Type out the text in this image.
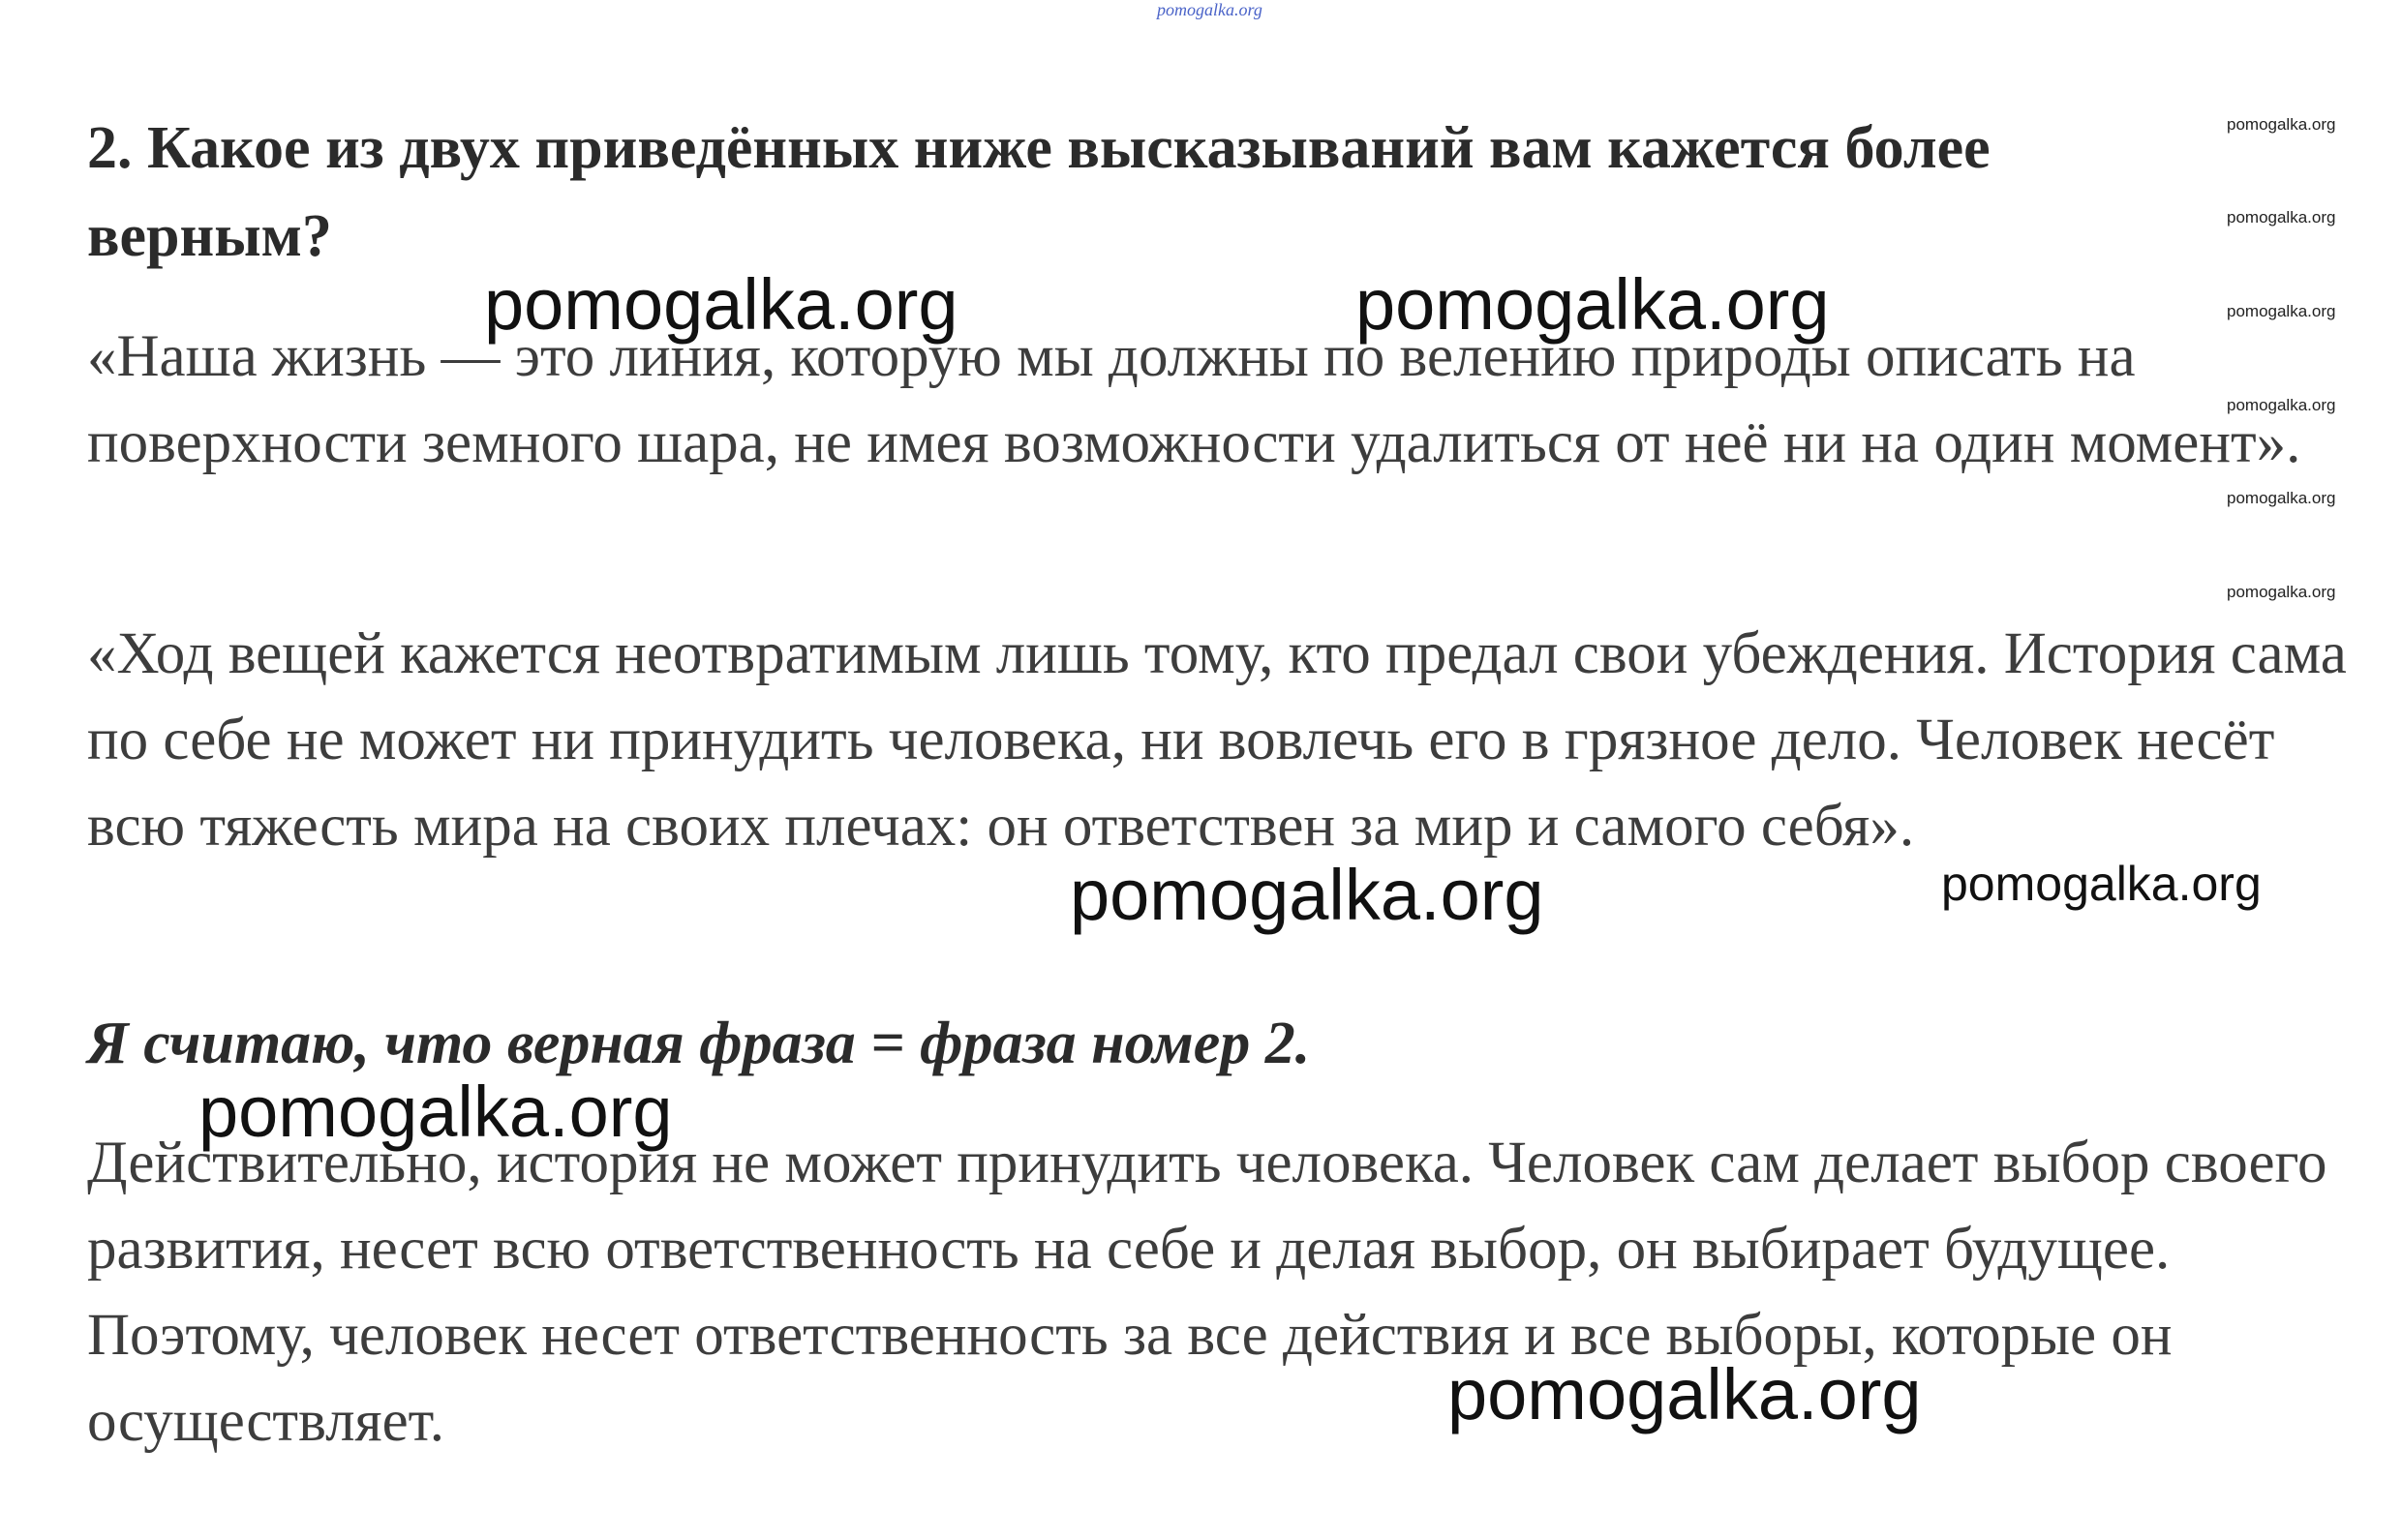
pomogalka.org
2. Какое из двух приведённых ниже высказываний вам кажется более верным?
«Наша жизнь — это линия, которую мы должны по велению природы описать на поверхности земного шара, не имея возможности удалиться от неё ни на один момент».
«Ход вещей кажется неотвратимым лишь тому, кто предал свои убеждения. История сама по себе не может ни принудить человека, ни вовлечь его в грязное дело. Человек несёт всю тяжесть мира на своих плечах: он ответствен за мир и самого себя».
Я считаю, что верная фраза = фраза номер 2.
Действительно, история не может принудить человека. Человек сам делает выбор своего развития, несет всю ответственность на себе и делая выбор, он выбирает будущее. Поэтому, человек несет ответственность за все действия и все выборы, которые он осуществляет.
pomogalka.org	pomogalka.org
pomogalka.org
pomogalka.org
pomogalka.org
pomogalka.org
pomogalka.org
pomogalka.org
pomogalka.org
pomogalka.org
pomogalka.org
pomogalka.org
